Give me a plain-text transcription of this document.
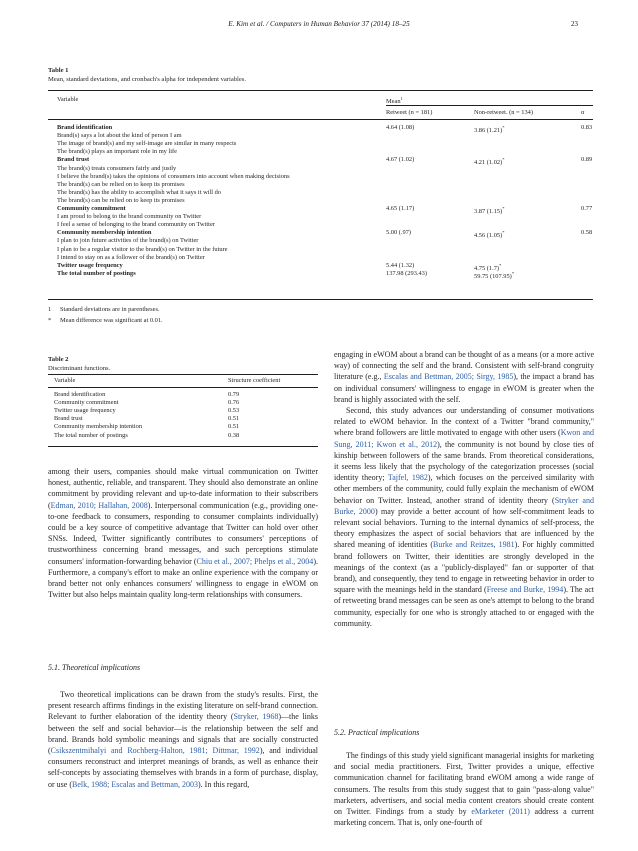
E. Kim et al. / Computers in Human Behavior 37 (2014) 18–25	23
Table 1
Mean, standard deviations, and cronbach's alpha for independent variables.
Variable	Mean$^1$
Retweet (n = 181)	Non-retweet. (n = 134)	α
Brand identification	4.64 (1.08)	3.86 (1.21)*	0.83
Brand(s) says a lot about the kind of person I am
The image of brand(s) and my self-image are similar in many respects
The brand(s) plays an important role in my life
Brand trust	4.67 (1.02)	4.21 (1.02)*	0.89
The brand(s) treats consumers fairly and justly
I believe the brand(s) takes the opinions of consumers into account when making decisions
The brand(s) can be relied on to keep its promises
The brand(s) has the ability to accomplish what it says it will do
The brand(s) can be relied on to keep its promises
Community commitment	4.65 (1.17)	3.87 (1.15)*	0.77
I am proud to belong to the brand community on Twitter
I feel a sense of belonging to the brand community on Twitter
Community membership intention	5.00 (.97)	4.56 (1.05)*	0.58
I plan to join future activities of the brand(s) on Twitter
I plan to be a regular visitor to the brand(s) on Twitter in the future
I intend to stay on as a follower of the brand(s) on Twitter
Twitter usage frequency	5.44 (1.32)	4.75 (1.7)*
The total number of postings	137.98 (293.43)	59.75 (107.95)*
1 Standard deviations are in parentheses.
* Mean difference was significant at 0.01.
Table 2
Discriminant functions.
Variable	Structure coefficient
Brand identification	0.79
Community commitment	0.76
Twitter usage frequency	0.53
Brand trust	0.51
Community membership intention	0.51
The total number of postings	0.38

among their users, companies should make virtual communication on Twitter honest, authentic, reliable, and transparent. They should also demonstrate an online commitment by providing relevant and up-to-date information to their subscribers (Edman, 2010; Hallahan, 2008). Interpersonal communication (e.g., providing one-to-one feedback to consumers, responding to consumer complaints individually) could be a key source of competitive advantage that Twitter can hold over other SNSs. Indeed, Twitter significantly contributes to consumers' perceptions of trustworthiness concerning brand messages, and such perceptions stimulate consumers' information-forwarding behavior (Chiu et al., 2007; Phelps et al., 2004). Furthermore, a company's effort to make an online experience with the company or brand better not only enhances consumers' willingness to engage in eWOM on Twitter but also helps maintain quality long-term relationships with consumers.

5.1. Theoretical implications

Two theoretical implications can be drawn from the study's results. First, the present research affirms findings in the existing literature on self-brand connection. Relevant to further elaboration of the identity theory (Stryker, 1968)—the links between the self and social behavior—is the relationship between the self and brand. Brands hold symbolic meanings and signals that are socially constructed (Csikszentmihalyi and Rochberg-Halton, 1981; Dittmar, 1992), and individual consumers reconstruct and interpret meanings of brands, as well as enhance their self-concepts by associating themselves with brands in a form of purchase, display, or use (Belk, 1988; Escalas and Bettman, 2003). In this regard,

engaging in eWOM about a brand can be thought of as a means (or a more active way) of connecting the self and the brand. Consistent with self-brand congruity literature (e.g., Escalas and Bettman, 2005; Sirgy, 1985), the impact a brand has on individual consumers' willingness to engage in eWOM is greater when the brand is highly associated with the self.

Second, this study advances our understanding of consumer motivations related to eWOM behavior. In the context of a Twitter "brand community," where brand followers are little motivated to engage with other users (Kwon and Sung, 2011; Kwon et al., 2012), the community is not bound by close ties of kinship between followers of the same brands. From theoretical considerations, it seems less likely that the psychology of the categorization processes (social identity theory; Tajfel, 1982), which focuses on the perceived similarity with other members of the community, could fully explain the mechanism of eWOM behavior on Twitter. Instead, another strand of identity theory (Stryker and Burke, 2000) may provide a better account of how self-commitment leads to relevant social behaviors. Turning to the internal dynamics of self-process, the theory emphasizes the aspect of social behaviors that are influenced by the shared meaning of identities (Burke and Reitzes, 1981). For highly committed brand followers on Twitter, their identities are strongly developed in the meanings of the context (as a "publicly-displayed" fan or supporter of that brand), and consequently, they tend to engage in retweeting behavior in order to square with the meanings held in the standard (Freese and Burke, 1994). The act of retweeting brand messages can be seen as one's attempt to belong to the brand community, especially for one who is strongly attached to or engaged with the community.

5.2. Practical implications

The findings of this study yield significant managerial insights for marketing and social media practitioners. First, Twitter provides a unique, effective communication channel for facilitating brand eWOM among a wide range of consumers. The results from this study suggest that to gain "pass-along value" marketers, advertisers, and social media content creators should create content on Twitter. Findings from a study by eMarketer (2011) address a current marketing concern. That is, only one-fourth of
